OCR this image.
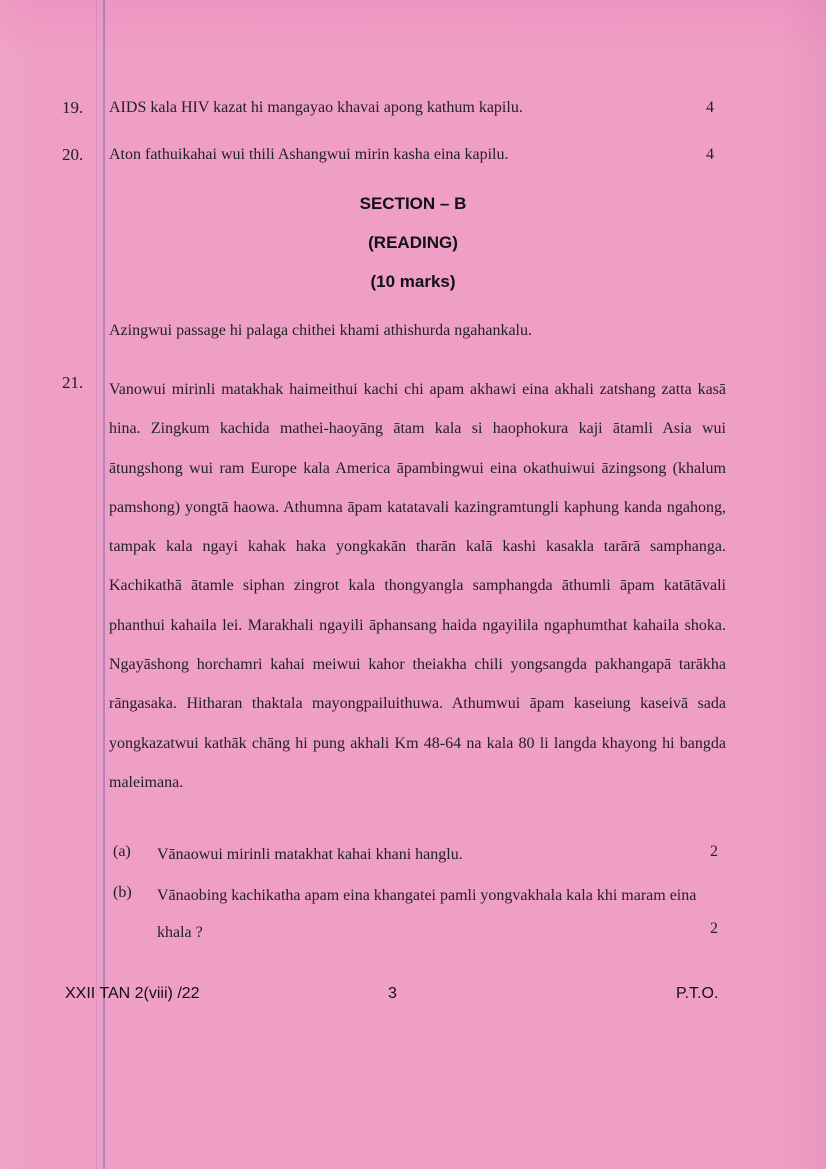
19. AIDS kala HIV kazat hi mangayao khavai apong kathum kapilu.	4
20. Aton fathuikahai wui thili Ashangwui mirin kasha eina kapilu.	4
SECTION – B
(READING)
(10 marks)
Azingwui passage hi palaga chithei khami athishurda ngahankalu.
21. Vanowui mirinli matakhak haimeithui kachi chi apam akhawi eina akhali zatshang zatta kasā hina. Zingkum kachida mathei-haoyāng ātam kala si haophokura kaji ātamli Asia wui ātungshong wui ram Europe kala America āpambingwui eina okathuiwui āzingsong (khalum pamshong) yongtā haowa. Athumna āpam katatavali kazingramtungli kaphung kanda ngahong, tampak kala ngayi kahak haka yongkakān tharān kalā kashi kasakla tarārā samphanga. Kachikathā ātamle siphan zingrot kala thongyangla samphangda āthumli āpam katātāvali phanthui kahaila lei. Marakhali ngayili āphansang haida ngayilila ngaphumthat kahaila shoka. Ngayāshong horchamri kahai meiwui kahor theiakha chili yongsangda pakhangapā tarākha rāngasaka. Hitharan thaktala mayongpailuithuwa. Athumwui āpam kaseiung kaseivā sada yongkazatwui kathāk chāng hi pung akhali Km 48-64 na kala 80 li langda khayong hi bangda maleimana.
(a) Vānaowui mirinli matakhat kahai khani hanglu.	2
(b) Vānaobing kachikatha apam eina khangatei pamli yongvakhala kala khi maram eina khala ?	2
XXII TAN 2(viii) /22	3	P.T.O.
